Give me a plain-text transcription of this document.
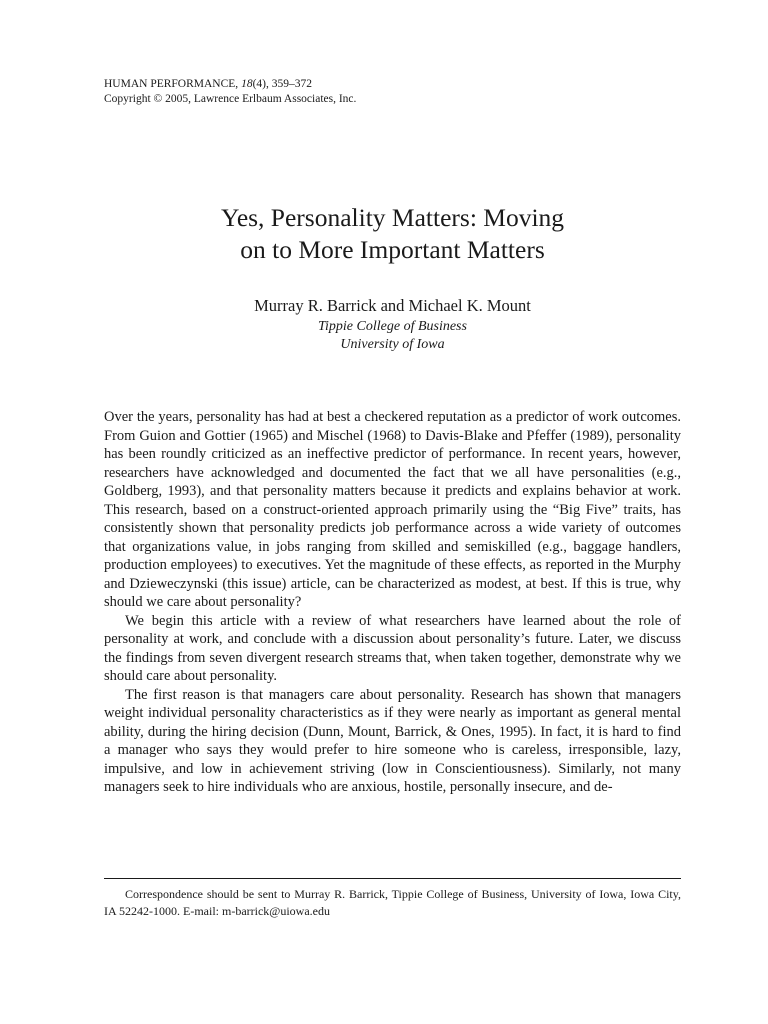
HUMAN PERFORMANCE, 18(4), 359–372
Copyright © 2005, Lawrence Erlbaum Associates, Inc.
Yes, Personality Matters: Moving
on to More Important Matters
Murray R. Barrick and Michael K. Mount
Tippie College of Business
University of Iowa

Over the years, personality has had at best a checkered reputation as a predictor of work outcomes. From Guion and Gottier (1965) and Mischel (1968) to Davis-Blake and Pfeffer (1989), personality has been roundly criticized as an ineffective predictor of performance. In recent years, however, researchers have acknowledged and documented the fact that we all have personalities (e.g., Goldberg, 1993), and that personality matters because it predicts and explains behavior at work. This research, based on a construct-oriented approach primarily using the “Big Five” traits, has consistently shown that personality predicts job performance across a wide variety of outcomes that organizations value, in jobs ranging from skilled and semiskilled (e.g., baggage handlers, production employees) to executives. Yet the magnitude of these effects, as reported in the Murphy and Dzieweczynski (this issue) article, can be characterized as modest, at best. If this is true, why should we care about personality?

We begin this article with a review of what researchers have learned about the role of personality at work, and conclude with a discussion about personality’s future. Later, we discuss the findings from seven divergent research streams that, when taken together, demonstrate why we should care about personality.

The first reason is that managers care about personality. Research has shown that managers weight individual personality characteristics as if they were nearly as important as general mental ability, during the hiring decision (Dunn, Mount, Barrick, & Ones, 1995). In fact, it is hard to find a manager who says they would prefer to hire someone who is careless, irresponsible, lazy, impulsive, and low in achievement striving (low in Conscientiousness). Similarly, not many managers seek to hire individuals who are anxious, hostile, personally insecure, and de-

Correspondence should be sent to Murray R. Barrick, Tippie College of Business, University of Iowa, Iowa City, IA 52242-1000. E-mail: m-barrick@uiowa.edu
